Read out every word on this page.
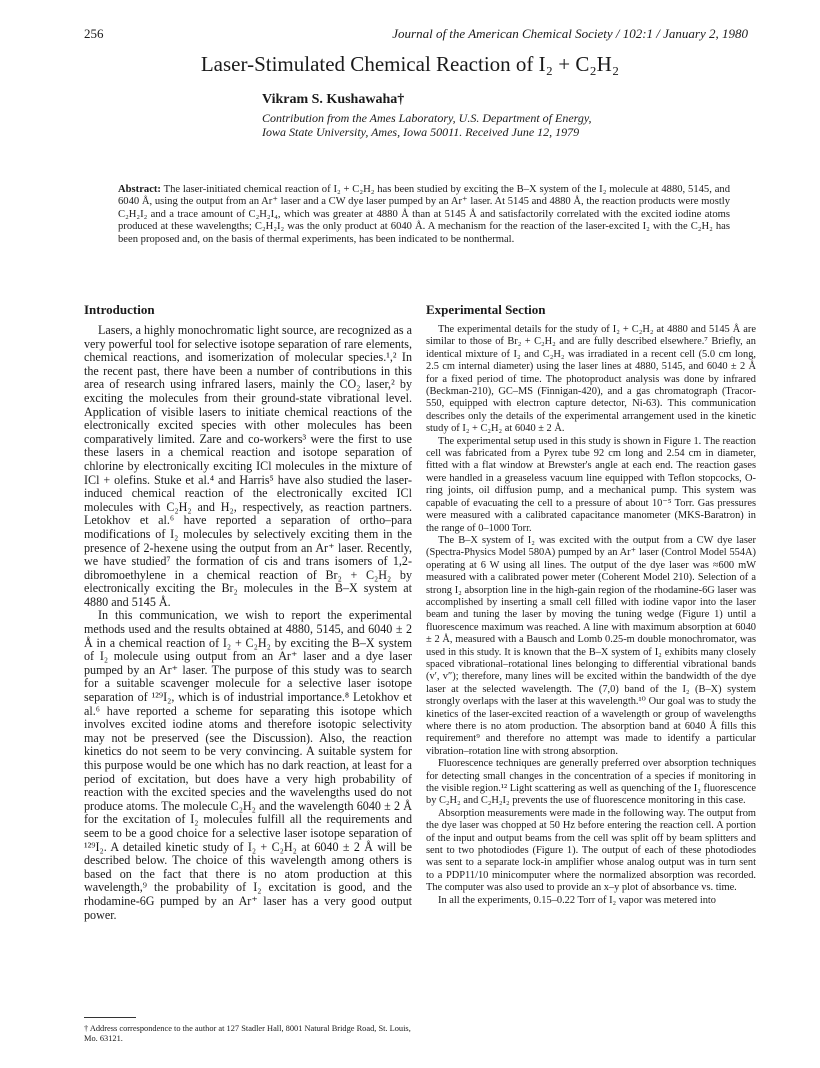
256	Journal of the American Chemical Society / 102:1 / January 2, 1980
Laser-Stimulated Chemical Reaction of I₂ + C₂H₂
Vikram S. Kushawaha†
Contribution from the Ames Laboratory, U.S. Department of Energy,
Iowa State University, Ames, Iowa 50011. Received June 12, 1979
Abstract: The laser-initiated chemical reaction of I₂ + C₂H₂ has been studied by exciting the B–X system of the I₂ molecule at 4880, 5145, and 6040 Å, using the output from an Ar⁺ laser and a CW dye laser pumped by an Ar⁺ laser. At 5145 and 4880 Å, the reaction products were mostly C₂H₂I₂ and a trace amount of C₂H₂I₄, which was greater at 4880 Å than at 5145 Å and satisfactorily correlated with the excited iodine atoms produced at these wavelengths; C₂H₂I₂ was the only product at 6040 Å. A mechanism for the reaction of the laser-excited I₂ with the C₂H₂ has been proposed and, on the basis of thermal experiments, has been indicated to be nonthermal.
Introduction

Lasers, a highly monochromatic light source, are recognized as a very powerful tool for selective isotope separation of rare elements, chemical reactions, and isomerization of molecular species.¹,² In the recent past, there have been a number of contributions in this area of research using infrared lasers, mainly the CO₂ laser,² by exciting the molecules from their ground-state vibrational level. Application of visible lasers to initiate chemical reactions of the electronically excited species with other molecules has been comparatively limited. Zare and co-workers³ were the first to use these lasers in a chemical reaction and isotope separation of chlorine by electronically exciting ICl molecules in the mixture of ICl + olefins. Stuke et al.⁴ and Harris⁵ have also studied the laser-induced chemical reaction of the electronically excited ICl molecules with C₂H₂ and H₂, respectively, as reaction partners. Letokhov et al.⁶ have reported a separation of ortho–para modifications of I₂ molecules by selectively exciting them in the presence of 2-hexene using the output from an Ar⁺ laser. Recently, we have studied⁷ the formation of cis and trans isomers of 1,2-dibromoethylene in a chemical reaction of Br₂ + C₂H₂ by electronically exciting the Br₂ molecules in the B–X system at 4880 and 5145 Å.

In this communication, we wish to report the experimental methods used and the results obtained at 4880, 5145, and 6040 ± 2 Å in a chemical reaction of I₂ + C₂H₂ by exciting the B–X system of I₂ molecule using output from an Ar⁺ laser and a dye laser pumped by an Ar⁺ laser. The purpose of this study was to search for a suitable scavenger molecule for a selective laser isotope separation of ¹²⁹I₂, which is of industrial importance.⁸ Letokhov et al.⁶ have reported a scheme for separating this isotope which involves excited iodine atoms and therefore isotopic selectivity may not be preserved (see the Discussion). Also, the reaction kinetics do not seem to be very convincing. A suitable system for this purpose would be one which has no dark reaction, at least for a period of excitation, but does have a very high probability of reaction with the excited species and the wavelengths used do not produce atoms. The molecule C₂H₂ and the wavelength 6040 ± 2 Å for the excitation of I₂ molecules fulfill all the requirements and seem to be a good choice for a selective laser isotope separation of ¹²⁹I₂. A detailed kinetic study of I₂ + C₂H₂ at 6040 ± 2 Å will be described below. The choice of this wavelength among others is based on the fact that there is no atom production at this wavelength,⁹ the probability of I₂ excitation is good, and the rhodamine-6G pumped by an Ar⁺ laser has a very good output power.

Experimental Section

The experimental details for the study of I₂ + C₂H₂ at 4880 and 5145 Å are similar to those of Br₂ + C₂H₂ and are fully described elsewhere.⁷ Briefly, an identical mixture of I₂ and C₂H₂ was irradiated in a recent cell (5.0 cm long, 2.5 cm internal diameter) using the laser lines at 4880, 5145, and 6040 ± 2 Å for a fixed period of time. The photoproduct analysis was done by infrared (Beckman-210), GC–MS (Finnigan-420), and a gas chromatograph (Tracor-550, equipped with electron capture detector, Ni-63). This communication describes only the details of the experimental arrangement used in the kinetic study of I₂ + C₂H₂ at 6040 ± 2 Å.

The experimental setup used in this study is shown in Figure 1. The reaction cell was fabricated from a Pyrex tube 92 cm long and 2.54 cm in diameter, fitted with a flat window at Brewster's angle at each end. The reaction gases were handled in a greaseless vacuum line equipped with Teflon stopcocks, O-ring joints, oil diffusion pump, and a mechanical pump. This system was capable of evacuating the cell to a pressure of about 10⁻⁵ Torr. Gas pressures were measured with a calibrated capacitance manometer (MKS-Baratron) in the range of 0–1000 Torr.

The B–X system of I₂ was excited with the output from a CW dye laser (Spectra-Physics Model 580A) pumped by an Ar⁺ laser (Control Model 554A) operating at 6 W using all lines. The output of the dye laser was ≈600 mW measured with a calibrated power meter (Coherent Model 210). Selection of a strong I₂ absorption line in the high-gain region of the rhodamine-6G laser was accomplished by inserting a small cell filled with iodine vapor into the laser beam and tuning the laser by moving the tuning wedge (Figure 1) until a fluorescence maximum was reached. A line with maximum absorption at 6040 ± 2 Å, measured with a Bausch and Lomb 0.25-m double monochromator, was used in this study. It is known that the B–X system of I₂ exhibits many closely spaced vibrational–rotational lines belonging to differential vibrational bands (v′, v″); therefore, many lines will be excited within the bandwidth of the dye laser at the selected wavelength. The (7,0) band of the I₂ (B–X) system strongly overlaps with the laser at this wavelength.¹⁰ Our goal was to study the kinetics of the laser-excited reaction of a wavelength or group of wavelengths where there is no atom production. The absorption band at 6040 Å fills this requirement⁹ and therefore no attempt was made to identify a particular vibration–rotation line with strong absorption.

Fluorescence techniques are generally preferred over absorption techniques for detecting small changes in the concentration of a species if monitoring in the visible region.¹² Light scattering as well as quenching of the I₂ fluorescence by C₂H₂ and C₂H₂I₂ prevents the use of fluorescence monitoring in this case.

Absorption measurements were made in the following way. The output from the dye laser was chopped at 50 Hz before entering the reaction cell. A portion of the input and output beams from the cell was split off by beam splitters and sent to two photodiodes (Figure 1). The output of each of these photodiodes was sent to a separate lock-in amplifier whose analog output was in turn sent to a PDP11/10 minicomputer where the normalized absorption was recorded. The computer was also used to provide an x–y plot of absorbance vs. time.

In all the experiments, 0.15–0.22 Torr of I₂ vapor was metered into

† Address correspondence to the author at 127 Stadler Hall, 8001 Natural Bridge Road, St. Louis, Mo. 63121.
